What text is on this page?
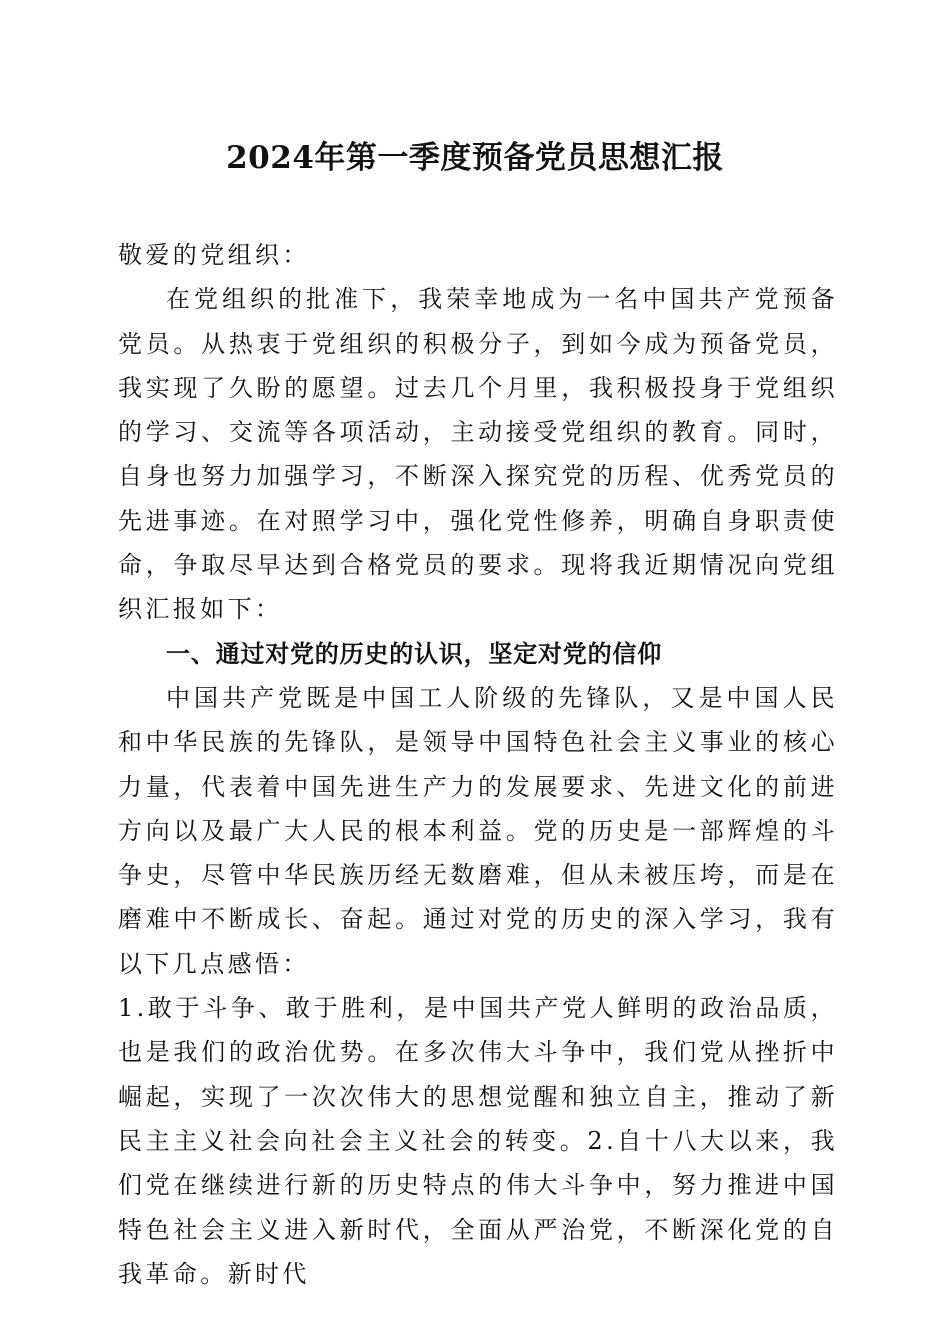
2024年第一季度预备党员思想汇报

敬爱的党组织：

在党组织的批准下，我荣幸地成为一名中国共产党预备党员。从热衷于党组织的积极分子，到如今成为预备党员，我实现了久盼的愿望。过去几个月里，我积极投身于党组织的学习、交流等各项活动，主动接受党组织的教育。同时，自身也努力加强学习，不断深入探究党的历程、优秀党员的先进事迹。在对照学习中，强化党性修养，明确自身职责使命，争取尽早达到合格党员的要求。现将我近期情况向党组织汇报如下：

一、通过对党的历史的认识，坚定对党的信仰

中国共产党既是中国工人阶级的先锋队，又是中国人民和中华民族的先锋队，是领导中国特色社会主义事业的核心力量，代表着中国先进生产力的发展要求、先进文化的前进方向以及最广大人民的根本利益。党的历史是一部辉煌的斗争史，尽管中华民族历经无数磨难，但从未被压垮，而是在磨难中不断成长、奋起。通过对党的历史的深入学习，我有以下几点感悟：

1.敢于斗争、敢于胜利，是中国共产党人鲜明的政治品质，也是我们的政治优势。在多次伟大斗争中，我们党从挫折中崛起，实现了一次次伟大的思想觉醒和独立自主，推动了新民主主义社会向社会主义社会的转变。2.自十八大以来，我们党在继续进行新的历史特点的伟大斗争中，努力推进中国特色社会主义进入新时代，全面从严治党，不断深化党的自我革命。新时代
